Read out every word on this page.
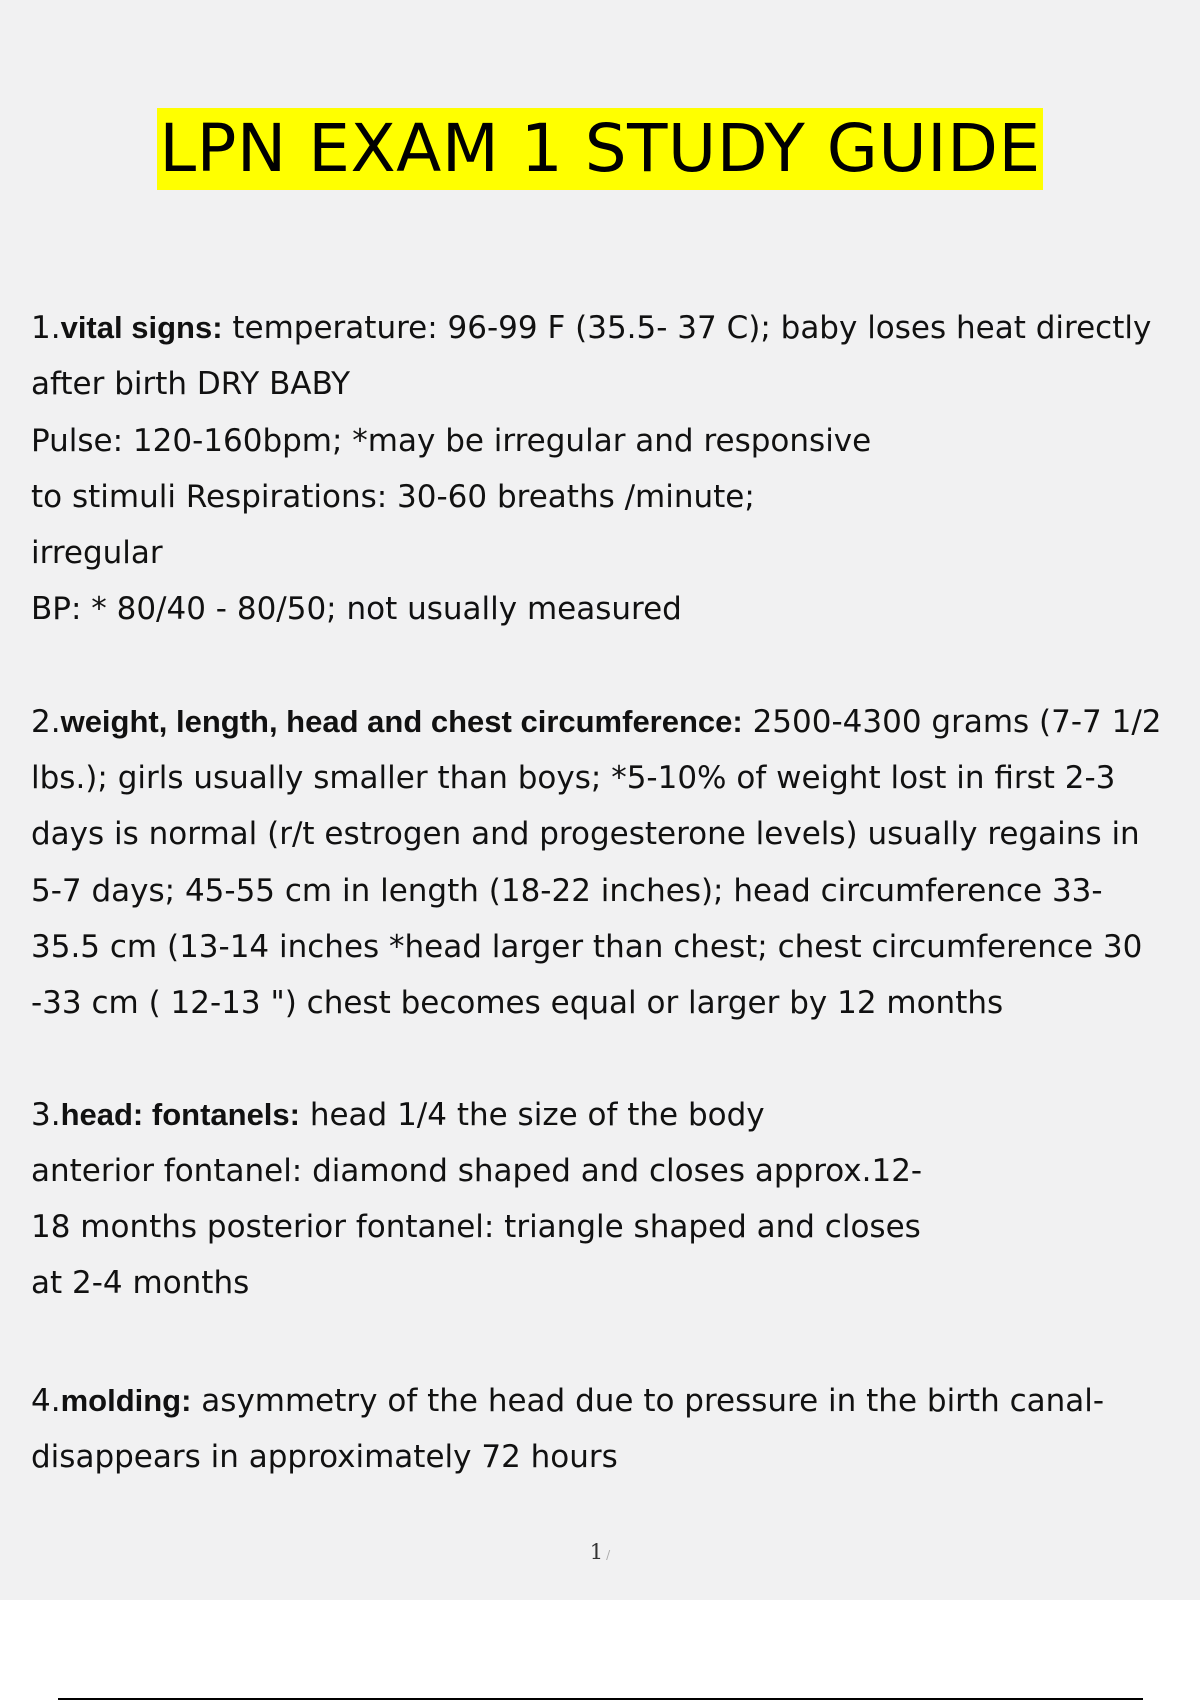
LPN EXAM 1 STUDY GUIDE
1.vital signs: temperature: 96-99 F (35.5- 37 C); baby loses heat directly
after birth DRY BABY
Pulse: 120-160bpm; *may be irregular and responsive
to stimuli Respirations: 30-60 breaths /minute;
irregular
BP: * 80/40 - 80/50; not usually measured
2.weight, length, head and chest circumference: 2500-4300 grams (7-7 1/2
lbs.); girls usually smaller than boys; *5-10% of weight lost in first 2-3
days is normal (r/t estrogen and progesterone levels) usually regains in
5-7 days; 45-55 cm in length (18-22 inches); head circumference 33-
35.5 cm (13-14 inches *head larger than chest; chest circumference 30
-33 cm ( 12-13 ") chest becomes equal or larger by 12 months
3.head: fontanels: head 1/4 the size of the body
anterior fontanel: diamond shaped and closes approx.12-
18 months posterior fontanel: triangle shaped and closes
at 2-4 months
4.molding: asymmetry of the head due to pressure in the birth canal-
disappears in approximately 72 hours
1 /
